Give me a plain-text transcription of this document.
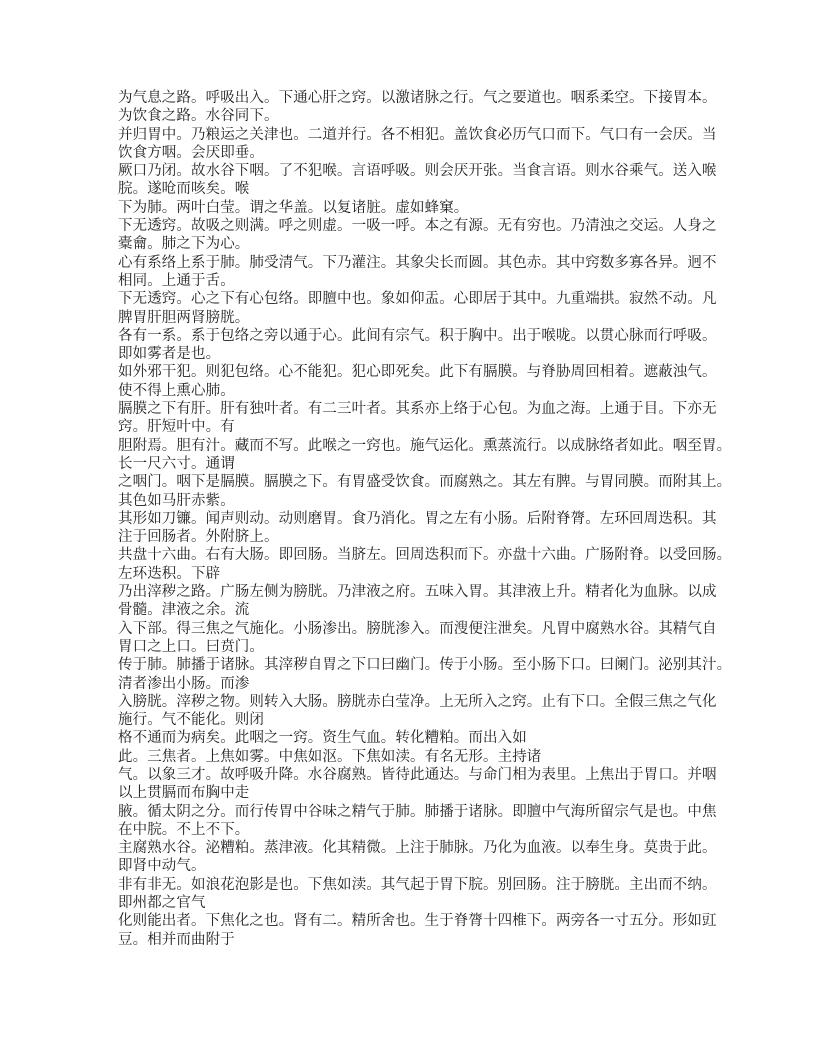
为气息之路。呼吸出入。下通心肝之窍。以激诸脉之行。气之要道也。咽系柔空。下接胃本。
为饮食之路。水谷同下。
并归胃中。乃粮运之关津也。二道并行。各不相犯。盖饮食必历气口而下。气口有一会厌。当
饮食方咽。会厌即垂。
厥口乃闭。故水谷下咽。了不犯喉。言语呼吸。则会厌开张。当食言语。则水谷乘气。送入喉
脘。遂呛而咳矣。喉
下为肺。两叶白莹。谓之华盖。以复诸脏。虚如蜂窠。
下无透窍。故吸之则满。呼之则虚。一吸一呼。本之有源。无有穷也。乃清浊之交运。人身之
橐龠。肺之下为心。
心有系络上系于肺。肺受清气。下乃灌注。其象尖长而圆。其色赤。其中窍数多寡各异。迥不
相同。上通于舌。
下无透窍。心之下有心包络。即膻中也。象如仰盂。心即居于其中。九重端拱。寂然不动。凡
脾胃肝胆两肾膀胱。
各有一系。系于包络之旁以通于心。此间有宗气。积于胸中。出于喉咙。以贯心脉而行呼吸。
即如雾者是也。
如外邪干犯。则犯包络。心不能犯。犯心即死矣。此下有膈膜。与脊胁周回相着。遮蔽浊气。
使不得上熏心肺。
膈膜之下有肝。肝有独叶者。有二三叶者。其系亦上络于心包。为血之海。上通于目。下亦无
窍。肝短叶中。有
胆附焉。胆有汁。藏而不写。此喉之一窍也。施气运化。熏蒸流行。以成脉络者如此。咽至胃。
长一尺六寸。通谓
之咽门。咽下是膈膜。膈膜之下。有胃盛受饮食。而腐熟之。其左有脾。与胃同膜。而附其上。
其色如马肝赤紫。
其形如刀镰。闻声则动。动则磨胃。食乃消化。胃之左有小肠。后附脊膂。左环回周迭积。其
注于回肠者。外附脐上。
共盘十六曲。右有大肠。即回肠。当脐左。回周迭积而下。亦盘十六曲。广肠附脊。以受回肠。
左环迭积。下辟
乃出滓秽之路。广肠左侧为膀胱。乃津液之府。五味入胃。其津液上升。精者化为血脉。以成
骨髓。津液之余。流
入下部。得三焦之气施化。小肠渗出。膀胱渗入。而溲便注泄矣。凡胃中腐熟水谷。其精气自
胃口之上口。曰贲门。
传于肺。肺播于诸脉。其滓秽自胃之下口曰幽门。传于小肠。至小肠下口。曰阑门。泌别其汁。
清者渗出小肠。而渗
入膀胱。滓秽之物。则转入大肠。膀胱赤白莹净。上无所入之窍。止有下口。全假三焦之气化
施行。气不能化。则闭
格不通而为病矣。此咽之一窍。资生气血。转化糟粕。而出入如
此。三焦者。上焦如雾。中焦如沤。下焦如渎。有名无形。主持诸
气。以象三才。故呼吸升降。水谷腐熟。皆待此通达。与命门相为表里。上焦出于胃口。并咽
以上贯膈而布胸中走
腋。循太阴之分。而行传胃中谷味之精气于肺。肺播于诸脉。即膻中气海所留宗气是也。中焦
在中脘。不上不下。
主腐熟水谷。泌糟粕。蒸津液。化其精微。上注于肺脉。乃化为血液。以奉生身。莫贵于此。
即肾中动气。
非有非无。如浪花泡影是也。下焦如渎。其气起于胃下脘。别回肠。注于膀胱。主出而不纳。
即州都之官气
化则能出者。下焦化之也。肾有二。精所舍也。生于脊膂十四椎下。两旁各一寸五分。形如豇
豆。相并而曲附于
